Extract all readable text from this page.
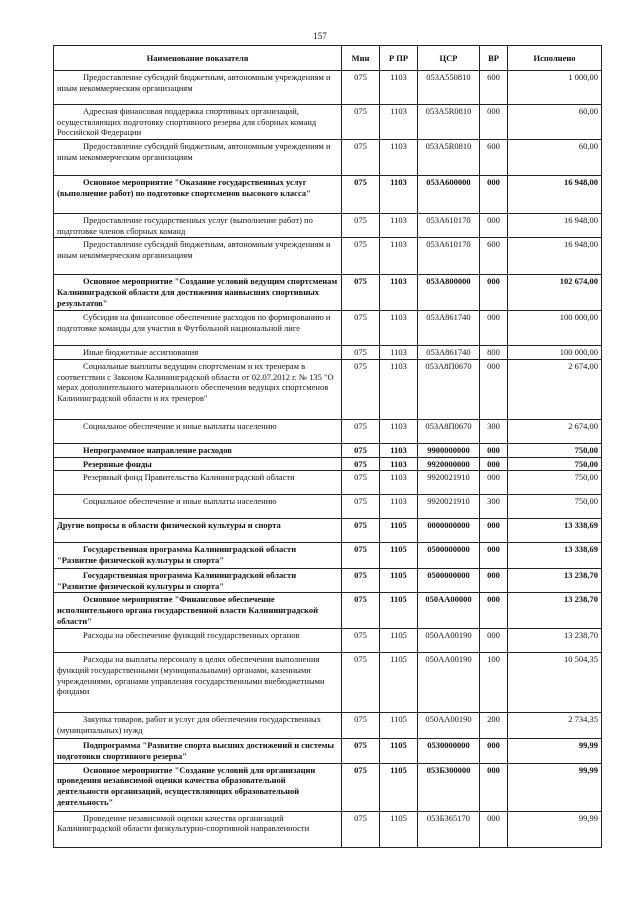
157
Наименование показателя	Мин	Р ПР	ЦСР	ВР	Исполнено
Предоставление субсидий бюджетным, автономным учреждениям и иным некоммерческим организациям	075	1103	053А550810	600	1 000,00
Адресная финансовая поддержка спортивных организаций, осуществляющих подготовку спортивного резерва для сборных команд Российской Федерации	075	1103	053А5R0810	000	60,00
Предоставление субсидий бюджетным, автономным учреждениям и иным некоммерческим организациям	075	1103	053А5R0810	600	60,00
Основное мероприятие "Оказание государственных услуг (выполнение работ) по подготовке спортсменов высокого класса"	075	1103	053А600000	000	16 948,00
Предоставление государственных услуг (выполнение работ) по подготовке членов сборных команд	075	1103	053А610170	000	16 948,00
Предоставление субсидий бюджетным, автономным учреждениям и иным некоммерческим организациям	075	1103	053А610170	600	16 948,00
Основное мероприятие "Создание условий ведущим спортсменам Калининградской области для достижения наивысших спортивных результатов"	075	1103	053А800000	000	102 674,00
Субсидия на финансовое обеспечение расходов по формированию и подготовке команды для участия в Футбольной национальной лиге	075	1103	053А861740	000	100 000,00
Иные бюджетные ассигнования	075	1103	053А861740	800	100 000,00
Социальные выплаты ведущим спортсменам и их тренерам в соответствии с Законом Калининградской области от 02.07.2012 г. № 135 "О мерах дополнительного материального обеспечения ведущих спортсменов Калининградской области и их тренеров"	075	1103	053А8П0670	000	2 674,00
Социальное обеспечение и иные выплаты населению	075	1103	053А8П0670	300	2 674,00
Непрограммное направление расходов	075	1103	9900000000	000	750,00
Резервные фонды	075	1103	9920000000	000	750,00
Резервный фонд Правительства Калининградской области	075	1103	9920021910	000	750,00
Социальное обеспечение и иные выплаты населению	075	1103	9920021910	300	750,00
Другие вопросы в области физической культуры и спорта	075	1105	0000000000	000	13 338,69
Государственная программа Калининградской области "Развитие физической культуры и спорта"	075	1105	0500000000	000	13 338,69
Государственная программа Калининградской области "Развитие физической культуры и спорта"	075	1105	0500000000	000	13 238,70
Основное мероприятие "Финансовое обеспечение исполнительного органа государственной власти Калининградской области"	075	1105	050АА00000	000	13 238,70
Расходы на обеспечение функций государственных органов	075	1105	050АА00190	000	13 238,70
Расходы на выплаты персоналу в целях обеспечения выполнения функций государственными (муниципальными) органами, казенными учреждениями, органами управления государственными внебюджетными фондами	075	1105	050АА00190	100	10 504,35
Закупка товаров, работ и услуг для обеспечения государственных (муниципальных) нужд	075	1105	050АА00190	200	2 734,35
Подпрограмма "Развитие спорта высших достижений и системы подготовки спортивного резерва"	075	1105	0530000000	000	99,99
Основное мероприятие "Создание условий для организации проведения независимой оценки качества образовательной деятельности организаций, осуществляющих образовательной деятельность"	075	1105	053Б300000	000	99,99
Проведение независимой оценки качества организаций Калининградской области физкультурно-спортивной направленности	075	1105	053Б365170	000	99,99
